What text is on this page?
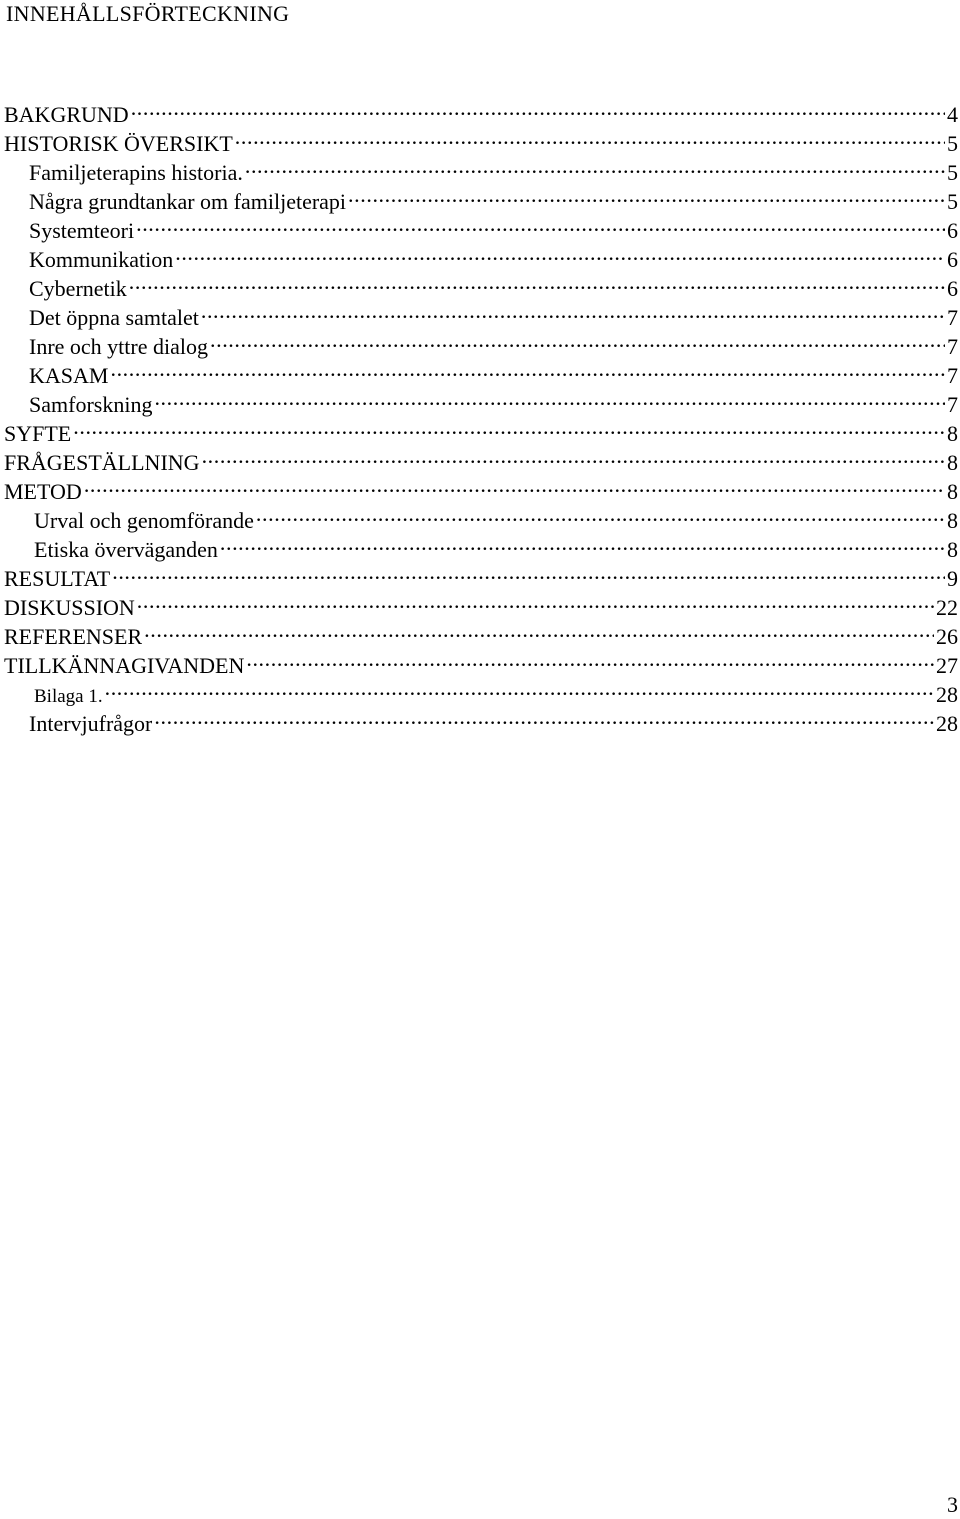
INNEHÅLLSFÖRTECKNING
BAKGRUND .....	4
HISTORISK ÖVERSIKT .....	5
Familjeterapins historia. .....	5
Några grundtankar om familjeterapi .....	5
Systemteori .....	6
Kommunikation .....	6
Cybernetik .....	6
Det öppna samtalet .....	7
Inre och yttre dialog .....	7
KASAM .....	7
Samforskning .....	7
SYFTE .....	8
FRÅGESTÄLLNING .....	8
METOD .....	8
Urval och genomförande .....	8
Etiska överväganden .....	8
RESULTAT .....	9
DISKUSSION .....	22
REFERENSER .....	26
TILLKÄNNAGIVANDEN .....	27
Bilaga 1. .....	28
Intervjufrågor .....	28
3
